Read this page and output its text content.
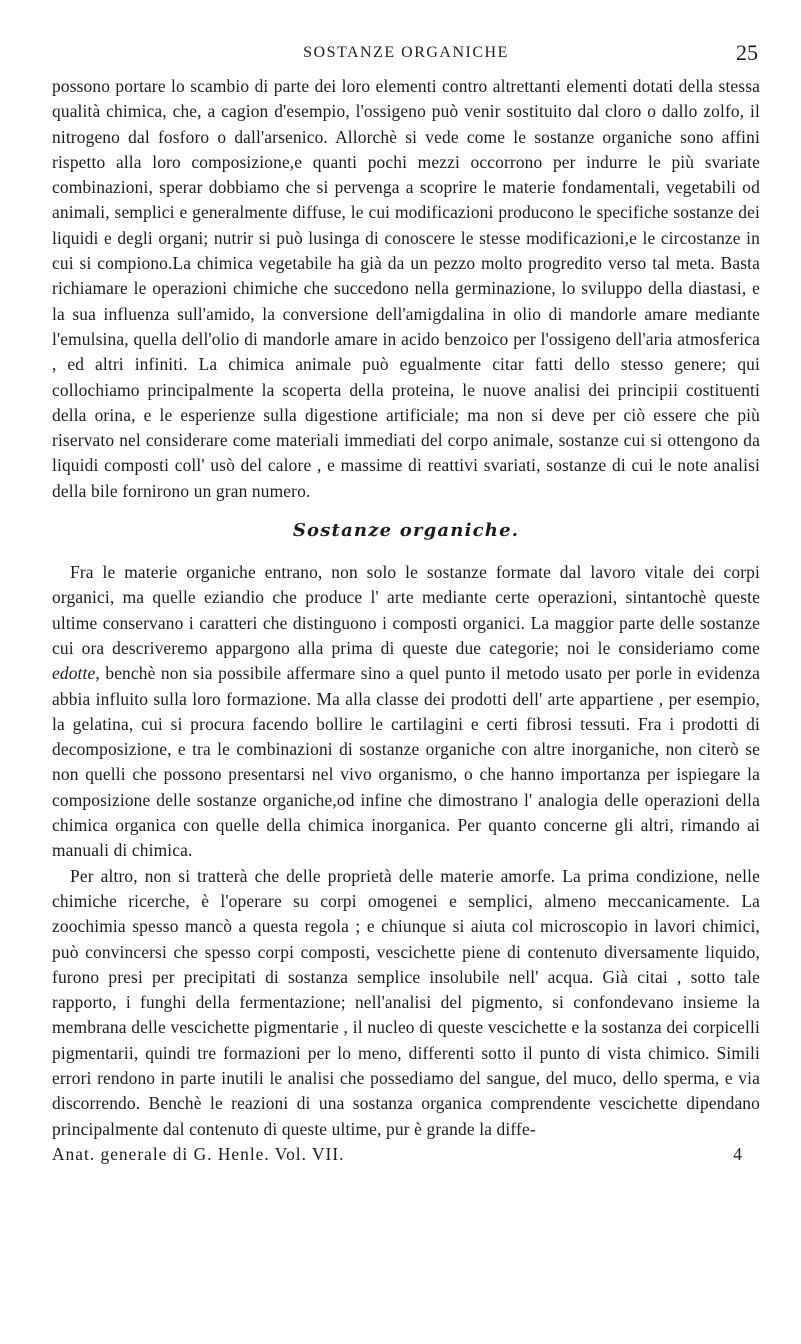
SOSTANZE ORGANICHE	25

possono portare lo scambio di parte dei loro elementi contro altrettanti elementi dotati della stessa qualità chimica, che, a cagion d'esempio, l'ossigeno può venir sostituito dal cloro o dallo zolfo, il nitrogeno dal fosforo o dall'arsenico. Allorchè si vede come le sostanze organiche sono affini rispetto alla loro composizione,e quanti pochi mezzi occorrono per indurre le più svariate combinazioni, sperar dobbiamo che si pervenga a scoprire le materie fondamentali, vegetabili od animali, semplici e generalmente diffuse, le cui modificazioni producono le specifiche sostanze dei liquidi e degli organi; nutrir si può lusinga di conoscere le stesse modificazioni,e le circostanze in cui si compiono.La chimica vegetabile ha già da un pezzo molto progredito verso tal meta. Basta richiamare le operazioni chimiche che succedono nella germinazione, lo sviluppo della diastasi, e la sua influenza sull'amido, la conversione dell'amigdalina in olio di mandorle amare mediante l'emulsina, quella dell'olio di mandorle amare in acido benzoico per l'ossigeno dell'aria atmosferica , ed altri infiniti. La chimica animale può egualmente citar fatti dello stesso genere; qui collochiamo principalmente la scoperta della proteina, le nuove analisi dei principii costituenti della orina, e le esperienze sulla digestione artificiale; ma non si deve per ciò essere che più riservato nel considerare come materiali immediati del corpo animale, sostanze cui si ottengono da liquidi composti coll' usò del calore , e massime di reattivi svariati, sostanze di cui le note analisi della bile fornirono un gran numero.

Sostanze organiche.

Fra le materie organiche entrano, non solo le sostanze formate dal lavoro vitale dei corpi organici, ma quelle eziandio che produce l' arte mediante certe operazioni, sintantochè queste ultime conservano i caratteri che distinguono i composti organici. La maggior parte delle sostanze cui ora descriveremo appargono alla prima di queste due categorie; noi le consideriamo come edotte, benchè non sia possibile affermare sino a quel punto il metodo usato per porle in evidenza abbia influito sulla loro formazione. Ma alla classe dei prodotti dell' arte appartiene , per esempio, la gelatina, cui si procura facendo bollire le cartilagini e certi fibrosi tessuti. Fra i prodotti di decomposizione, e tra le combinazioni di sostanze organiche con altre inorganiche, non citerò se non quelli che possono presentarsi nel vivo organismo, o che hanno importanza per ispiegare la composizione delle sostanze organiche,od infine che dimostrano l' analogia delle operazioni della chimica organica con quelle della chimica inorganica. Per quanto concerne gli altri, rimando ai manuali di chimica.

Per altro, non si tratterà che delle proprietà delle materie amorfe. La prima condizione, nelle chimiche ricerche, è l'operare su corpi omogenei e semplici, almeno meccanicamente. La zoochimia spesso mancò a questa regola ; e chiunque si aiuta col microscopio in lavori chimici, può convincersi che spesso corpi composti, vescichette piene di contenuto diversamente liquido, furono presi per precipitati di sostanza semplice insolubile nell' acqua. Già citai , sotto tale rapporto, i funghi della fermentazione; nell'analisi del pigmento, si confondevano insieme la membrana delle vescichette pigmentarie , il nucleo di queste vescichette e la sostanza dei corpicelli pigmentarii, quindi tre formazioni per lo meno, differenti sotto il punto di vista chimico. Simili errori rendono in parte inutili le analisi che possediamo del sangue, del muco, dello sperma, e via discorrendo. Benchè le reazioni di una sostanza organica comprendente vescichette dipendano principalmente dal contenuto di queste ultime, pur è grande la diffe-

Anat. generale di G. Henle. Vol. VII.	4
